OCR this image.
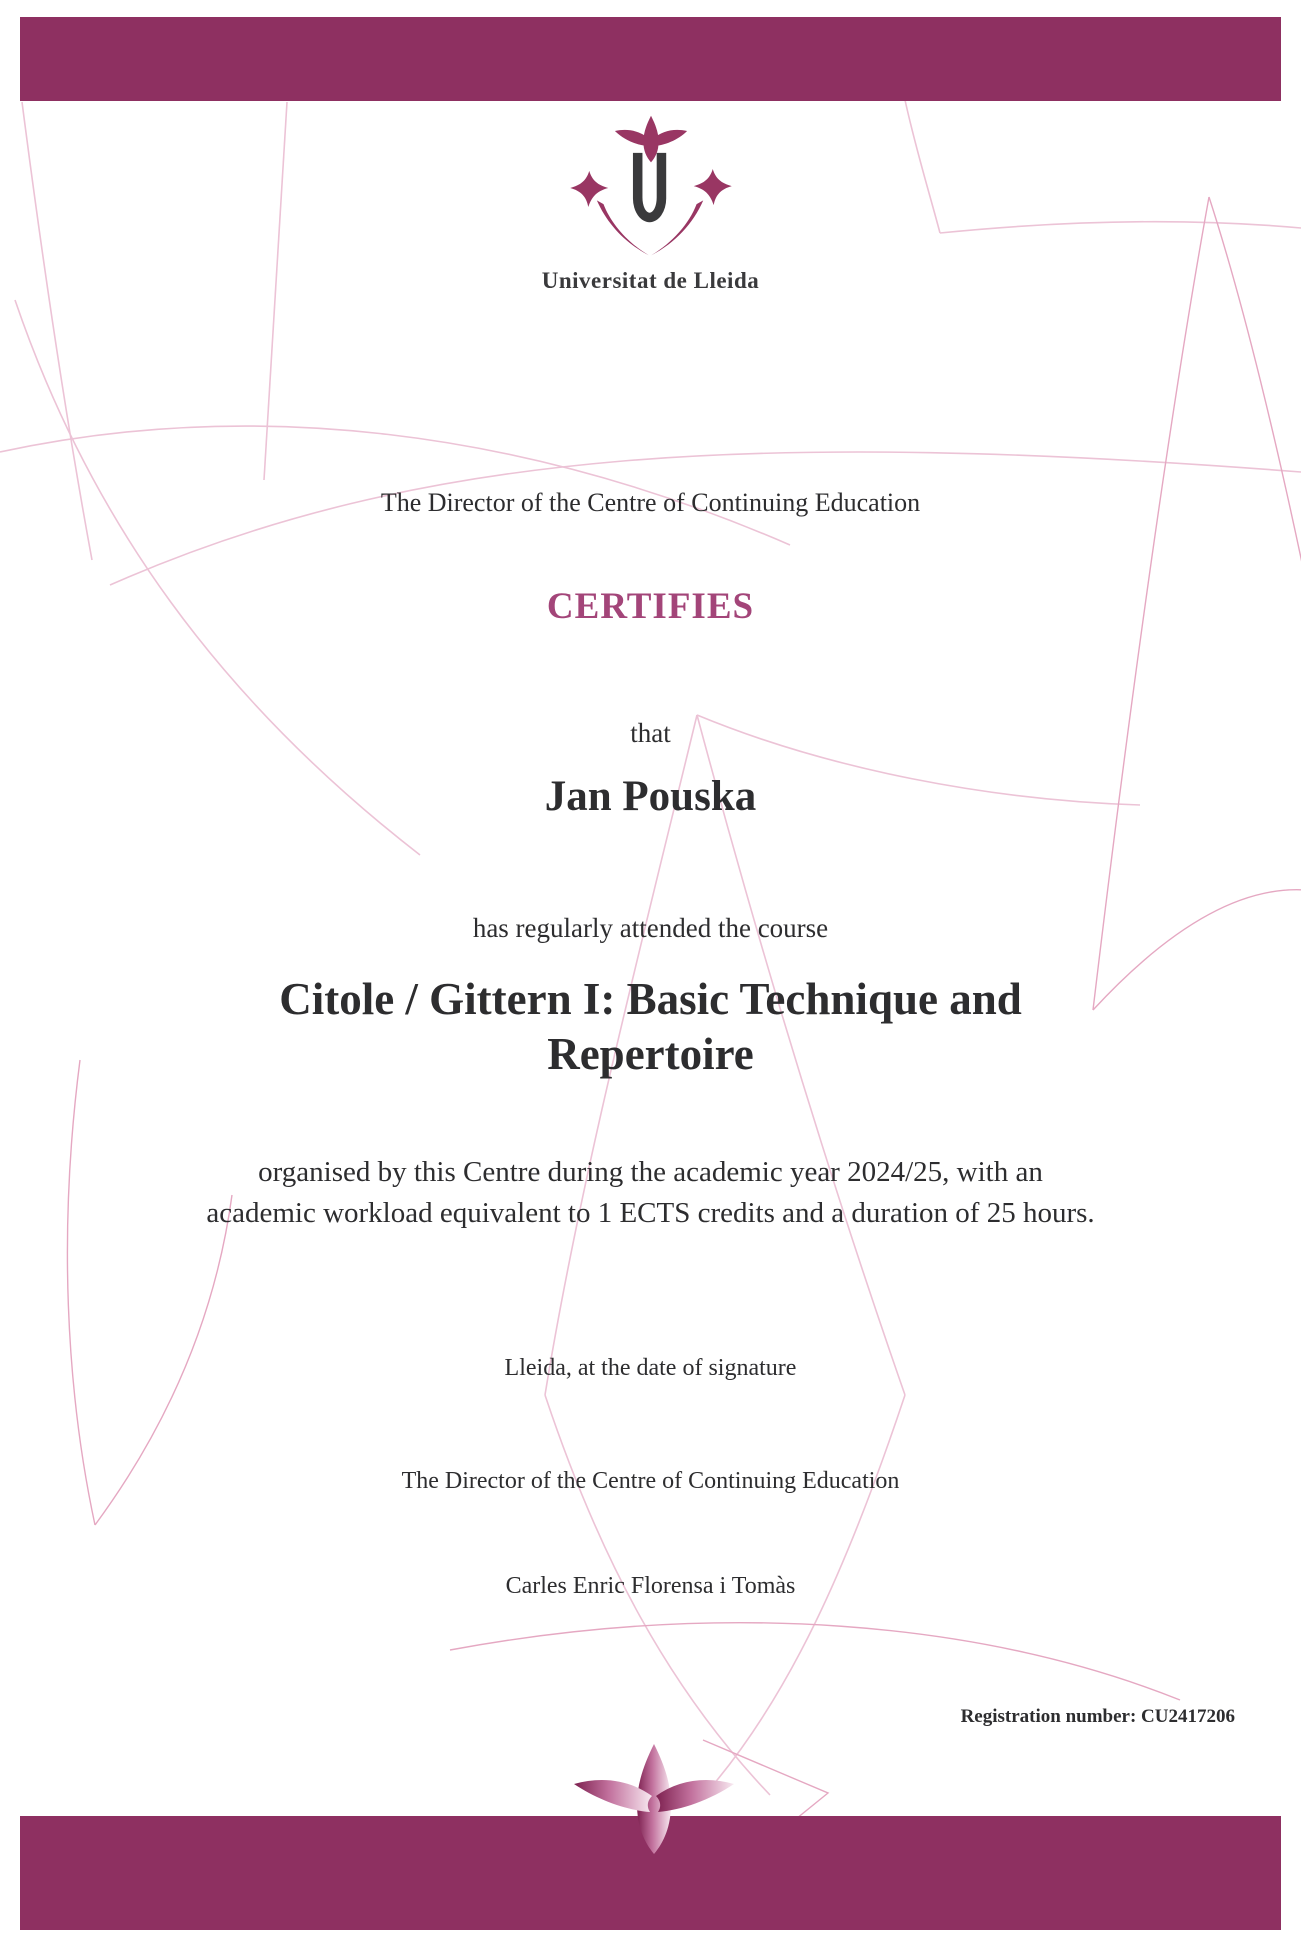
Universitat de Lleida
The Director of the Centre of Continuing Education
CERTIFIES
that
Jan Pouska
has regularly attended the course
Citole / Gittern I: Basic Technique and Repertoire
organised by this Centre during the academic year 2024/25, with an academic workload equivalent to 1 ECTS credits and a duration of 25 hours.
Lleida, at the date of signature
The Director of the Centre of Continuing Education
Carles Enric Florensa i Tomàs
Registration number: CU2417206
